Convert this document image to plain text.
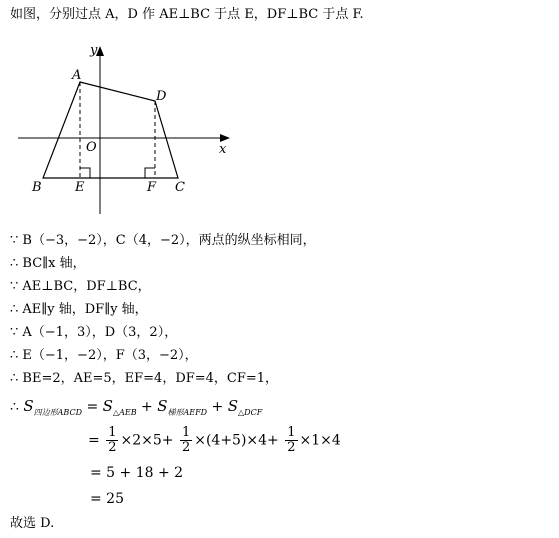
如图，分别过点 A，D 作 AE⊥BC 于点 E，DF⊥BC 于点 F.
y
x
O
A
D
B	E	F C
∵ B（−3，−2），C（4，−2），两点的纵坐标相同，
∴ BC∥x 轴，
∵ AE⊥BC，DF⊥BC，
∴ AE∥y 轴，DF∥y 轴，
∵ A（−1，3），D（3，2），
∴ E（−1，−2），F（3，−2），
∴ BE=2，AE=5，EF=4，DF=4，CF=1，
∴ $S_{四边形ABCD} = S_{\triangle AEB} + S_{梯形AEFD} + S_{\triangle DCF}$
= $\frac{1}{2} \times 2\times 5+ \frac{1}{2} \times(4+5)\times 4+ \frac{1}{2} \times 1\times 4$
= 5 + 18 + 2
= 25
故选 D.
